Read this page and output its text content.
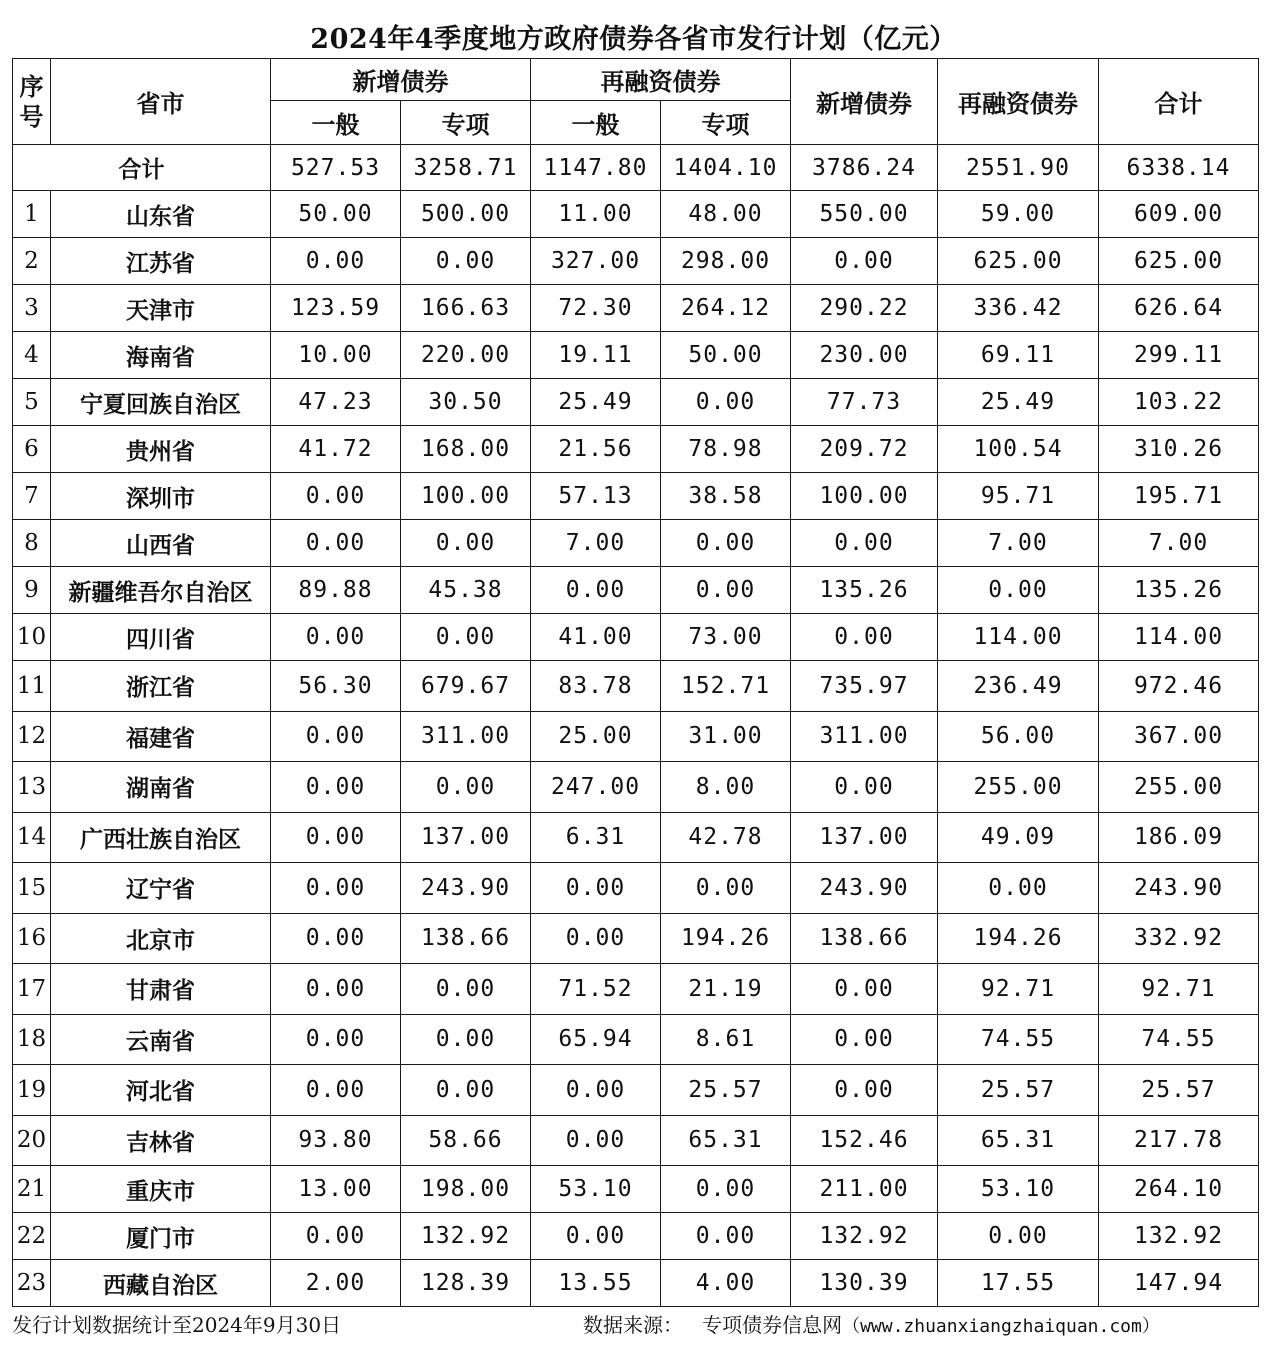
2024年4季度地方政府债券各省市发行计划（亿元）
序号	省市	新增债券		再融资债券		新增债券	再融资债券	合计
		一般	专项	一般	专项			
合计		527.53	3258.71	1147.80	1404.10	3786.24	2551.90	6338.14
1	山东省	50.00	500.00	11.00	48.00	550.00	59.00	609.00
2	江苏省	0.00	0.00	327.00	298.00	0.00	625.00	625.00
3	天津市	123.59	166.63	72.30	264.12	290.22	336.42	626.64
4	海南省	10.00	220.00	19.11	50.00	230.00	69.11	299.11
5	宁夏回族自治区	47.23	30.50	25.49	0.00	77.73	25.49	103.22
6	贵州省	41.72	168.00	21.56	78.98	209.72	100.54	310.26
7	深圳市	0.00	100.00	57.13	38.58	100.00	95.71	195.71
8	山西省	0.00	0.00	7.00	0.00	0.00	7.00	7.00
9	新疆维吾尔自治区	89.88	45.38	0.00	0.00	135.26	0.00	135.26
10	四川省	0.00	0.00	41.00	73.00	0.00	114.00	114.00
11	浙江省	56.30	679.67	83.78	152.71	735.97	236.49	972.46
12	福建省	0.00	311.00	25.00	31.00	311.00	56.00	367.00
13	湖南省	0.00	0.00	247.00	8.00	0.00	255.00	255.00
14	广西壮族自治区	0.00	137.00	6.31	42.78	137.00	49.09	186.09
15	辽宁省	0.00	243.90	0.00	0.00	243.90	0.00	243.90
16	北京市	0.00	138.66	0.00	194.26	138.66	194.26	332.92
17	甘肃省	0.00	0.00	71.52	21.19	0.00	92.71	92.71
18	云南省	0.00	0.00	65.94	8.61	0.00	74.55	74.55
19	河北省	0.00	0.00	0.00	25.57	0.00	25.57	25.57
20	吉林省	93.80	58.66	0.00	65.31	152.46	65.31	217.78
21	重庆市	13.00	198.00	53.10	0.00	211.00	53.10	264.10
22	厦门市	0.00	132.92	0.00	0.00	132.92	0.00	132.92
23	西藏自治区	2.00	128.39	13.55	4.00	130.39	17.55	147.94
发行计划数据统计至2024年9月30日	数据来源： 专项债券信息网（www.zhuanxiangzhaiquan.com）
